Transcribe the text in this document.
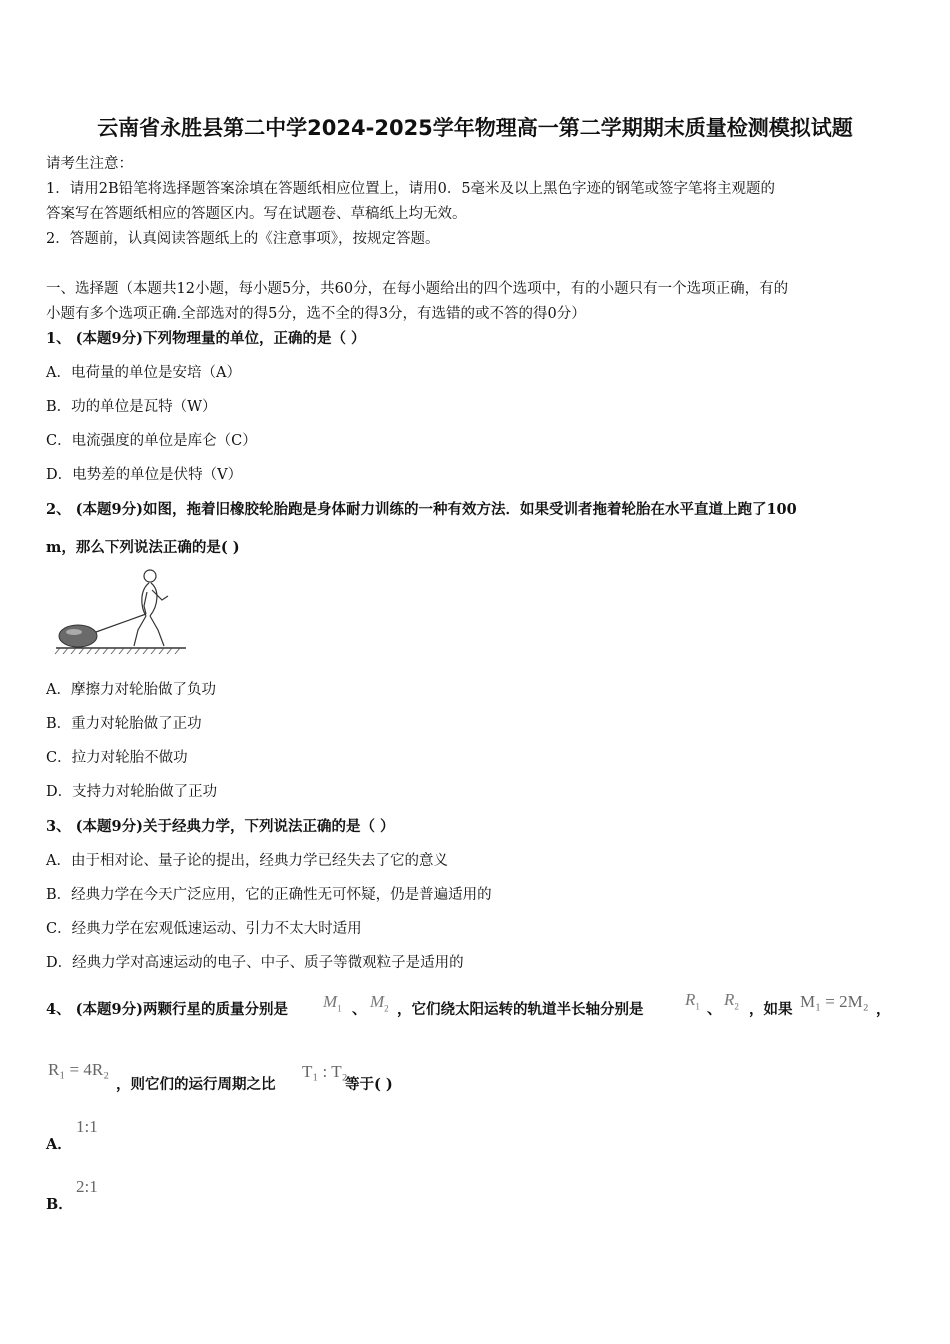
云南省永胜县第二中学2024-2025学年物理高一第二学期期末质量检测模拟试题
请考生注意：
1．请用2B铅笔将选择题答案涂填在答题纸相应位置上，请用0．5毫米及以上黑色字迹的钢笔或签字笔将主观题的
答案写在答题纸相应的答题区内。写在试题卷、草稿纸上均无效。
2．答题前，认真阅读答题纸上的《注意事项》，按规定答题。
一、选择题（本题共12小题，每小题5分，共60分，在每小题给出的四个选项中，有的小题只有一个选项正确，有的
小题有多个选项正确.全部选对的得5分，选不全的得3分，有选错的或不答的得0分）
1、 (本题9分)下列物理量的单位，正确的是（ ）
A．电荷量的单位是安培（A）
B．功的单位是瓦特（W）
C．电流强度的单位是库仑（C）
D．电势差的单位是伏特（V）
2、 (本题9分)如图，拖着旧橡胶轮胎跑是身体耐力训练的一种有效方法．如果受训者拖着轮胎在水平直道上跑了100
m，那么下列说法正确的是( )
A．摩擦力对轮胎做了负功
B．重力对轮胎做了正功
C．拉力对轮胎不做功
D．支持力对轮胎做了正功
3、 (本题9分)关于经典力学，下列说法正确的是（ ）
A．由于相对论、量子论的提出，经典力学已经失去了它的意义
B．经典力学在今天广泛应用，它的正确性无可怀疑，仍是普遍适用的
C．经典力学在宏观低速运动、引力不太大时适用
D．经典力学对高速运动的电子、中子、质子等微观粒子是适用的
4、 (本题9分)两颗行星的质量分别是 $M_1$ 、 $M_2$ ，它们绕太阳运转的轨道半长轴分别是
$R_1$ 、
$R_2$ ，如果 M₁ = 2M₂ ，
R₁ = 4R₂
，则它们的运行周期之比
T₁ : T₂
等于( )
A．
1:1
B．
2:1
